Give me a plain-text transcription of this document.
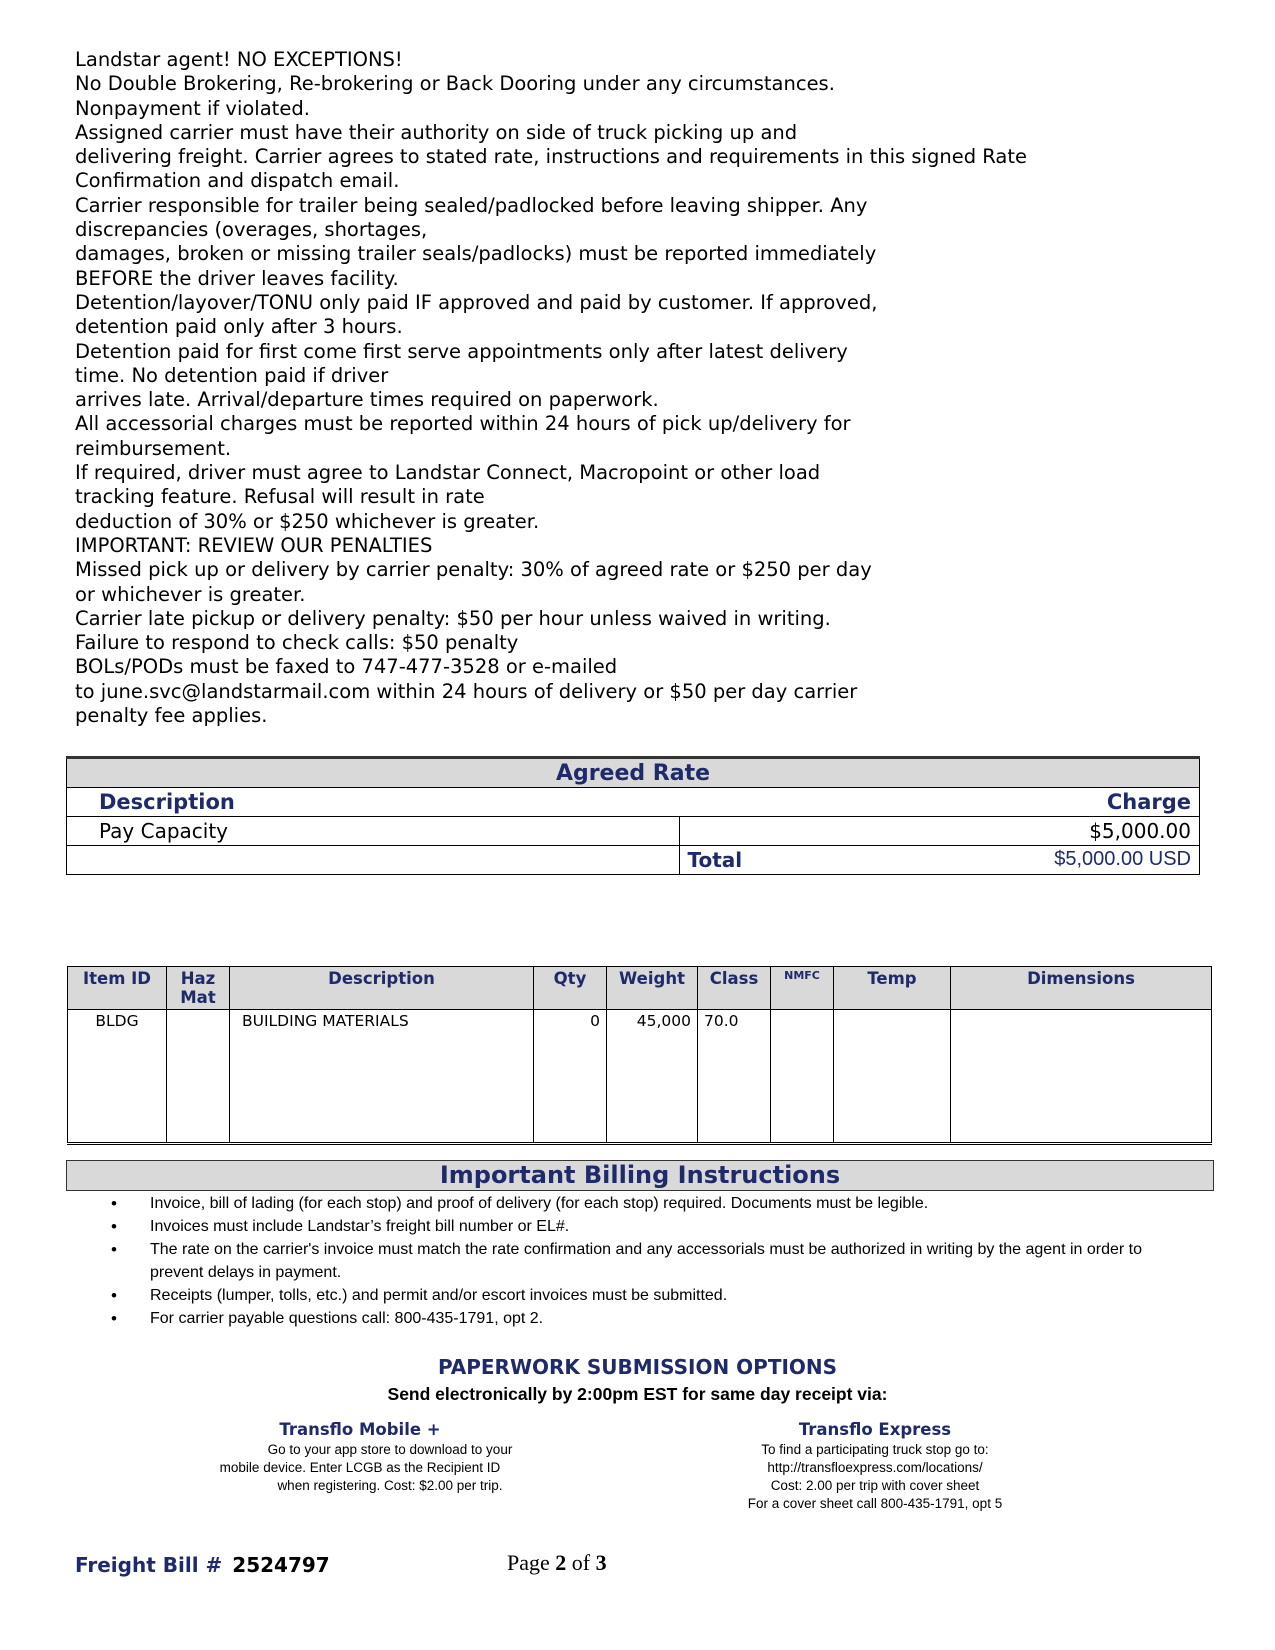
Landstar agent! NO EXCEPTIONS!
No Double Brokering, Re-brokering or Back Dooring under any circumstances.
Nonpayment if violated.
Assigned carrier must have their authority on side of truck picking up and
delivering freight. Carrier agrees to stated rate, instructions and requirements in this signed Rate
Confirmation and dispatch email.
Carrier responsible for trailer being sealed/padlocked before leaving shipper. Any
discrepancies (overages, shortages,
damages, broken or missing trailer seals/padlocks) must be reported immediately
BEFORE the driver leaves facility.
Detention/layover/TONU only paid IF approved and paid by customer. If approved,
detention paid only after 3 hours.
Detention paid for first come first serve appointments only after latest delivery
time. No detention paid if driver
arrives late. Arrival/departure times required on paperwork.
All accessorial charges must be reported within 24 hours of pick up/delivery for
reimbursement.
If required, driver must agree to Landstar Connect, Macropoint or other load
tracking feature. Refusal will result in rate
deduction of 30% or $250 whichever is greater.
IMPORTANT: REVIEW OUR PENALTIES
Missed pick up or delivery by carrier penalty: 30% of agreed rate or $250 per day
or whichever is greater.
Carrier late pickup or delivery penalty: $50 per hour unless waived in writing.
Failure to respond to check calls: $50 penalty
BOLs/PODs must be faxed to 747-477-3528 or e-mailed
to june.svc@landstarmail.com within 24 hours of delivery or $50 per day carrier
penalty fee applies.
Agreed Rate	
Description	Charge
Pay Capacity	$5,000.00
	Total $5,000.00 USD
Item ID	Haz Mat	Description	Qty	Weight	Class	NMFC	Temp	Dimensions
BLDG		BUILDING MATERIALS	0	45,000	70.0			
Important Billing Instructions
• Invoice, bill of lading (for each stop) and proof of delivery (for each stop) required. Documents must be legible.
• Invoices must include Landstar’s freight bill number or EL#.
• The rate on the carrier's invoice must match the rate confirmation and any accessorials must be authorized in writing by the agent in order to prevent delays in payment.
• Receipts (lumper, tolls, etc.) and permit and/or escort invoices must be submitted.
• For carrier payable questions call: 800-435-1791, opt 2.
PAPERWORK SUBMISSION OPTIONS
Send electronically by 2:00pm EST for same day receipt via:
Transflo Mobile +
Go to your app store to download to your
mobile device. Enter LCGB as the Recipient ID
when registering. Cost: $2.00 per trip.
Transflo Express
To find a participating truck stop go to:
http://transfloexpress.com/locations/
Cost: 2.00 per trip with cover sheet
For a cover sheet call 800-435-1791, opt 5
Freight Bill # 2524797	Page 2 of 3
